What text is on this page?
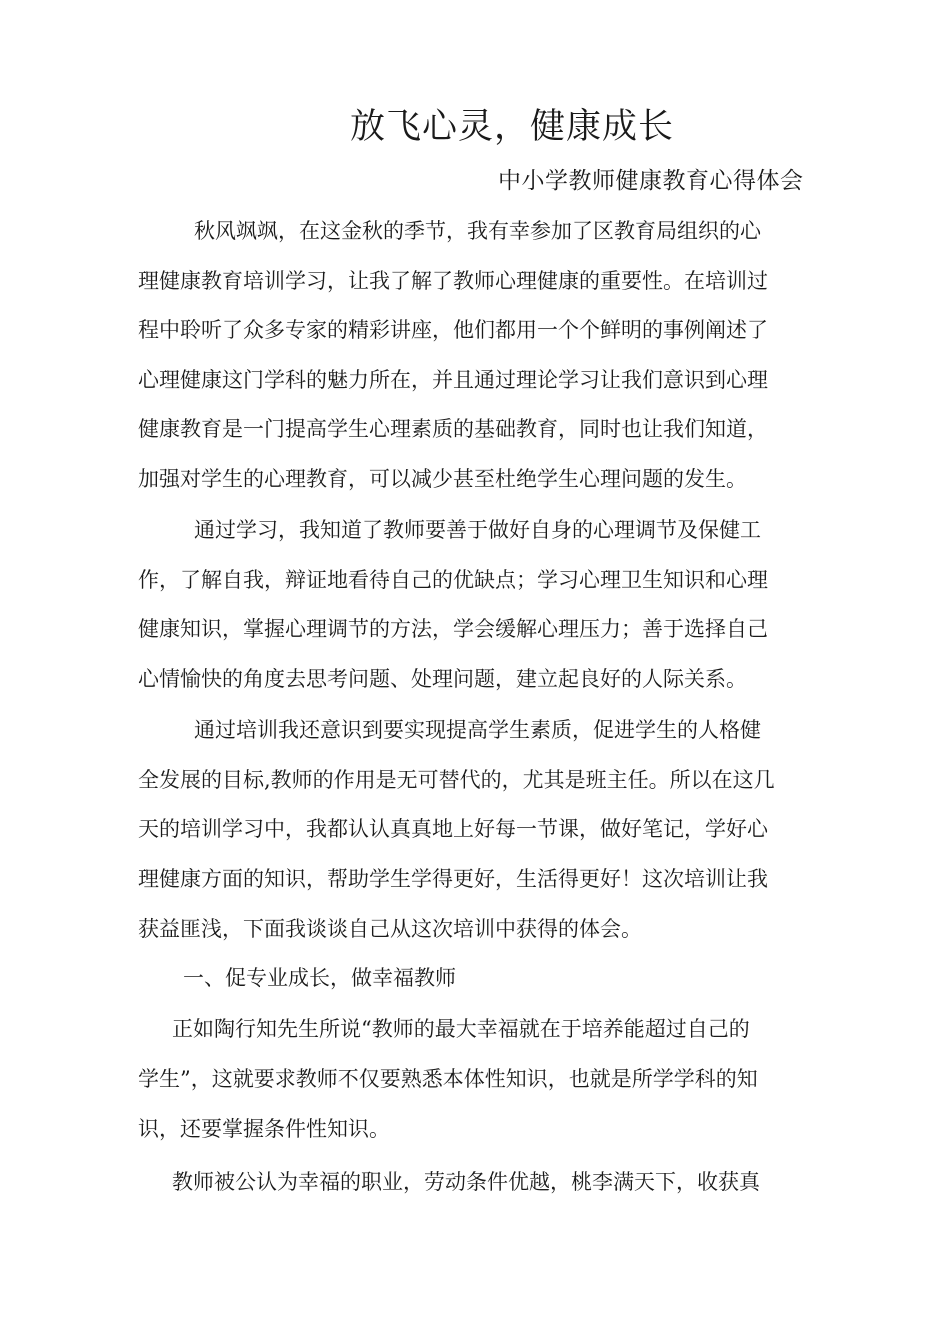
放飞心灵，健康成长
中小学教师健康教育心得体会
秋风飒飒，在这金秋的季节，我有幸参加了区教育局组织的心
理健康教育培训学习，让我了解了教师心理健康的重要性。在培训过
程中聆听了众多专家的精彩讲座，他们都用一个个鲜明的事例阐述了
心理健康这门学科的魅力所在，并且通过理论学习让我们意识到心理
健康教育是一门提高学生心理素质的基础教育，同时也让我们知道，
加强对学生的心理教育，可以减少甚至杜绝学生心理问题的发生。
通过学习，我知道了教师要善于做好自身的心理调节及保健工
作，了解自我，辩证地看待自己的优缺点；学习心理卫生知识和心理
健康知识，掌握心理调节的方法，学会缓解心理压力；善于选择自己
心情愉快的角度去思考问题、处理问题，建立起良好的人际关系。
通过培训我还意识到要实现提高学生素质，促进学生的人格健
全发展的目标,教师的作用是无可替代的，尤其是班主任。所以在这几
天的培训学习中，我都认认真真地上好每一节课，做好笔记，学好心
理健康方面的知识，帮助学生学得更好，生活得更好！这次培训让我
获益匪浅，下面我谈谈自己从这次培训中获得的体会。
一、促专业成长，做幸福教师
正如陶行知先生所说“教师的最大幸福就在于培养能超过自己的
学生”，这就要求教师不仅要熟悉本体性知识，也就是所学学科的知
识，还要掌握条件性知识。
教师被公认为幸福的职业，劳动条件优越，桃李满天下，收获真
